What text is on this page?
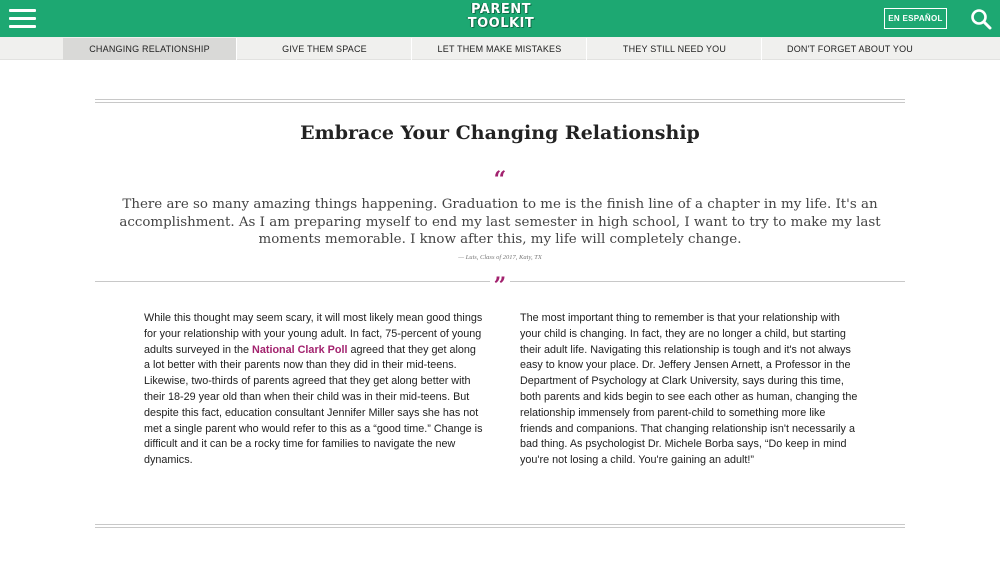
PARENT
TOOLKIT	EN ESPAÑOL
CHANGING RELATIONSHIP	GIVE THEM SPACE	LET THEM MAKE MISTAKES	THEY STILL NEED YOU	DON'T FORGET ABOUT YOU
Embrace Your Changing Relationship
“

There are so many amazing things happening. Graduation to me is the finish line of a chapter in my life. It's an accomplishment. As I am preparing myself to end my last semester in high school, I want to try to make my last moments memorable. I know after this, my life will completely change.

— Luis, Class of 2017, Katy, TX

”
While this thought may seem scary, it will most likely mean good things for your relationship with your young adult. In fact, 75-percent of young adults surveyed in the National Clark Poll agreed that they get along a lot better with their parents now than they did in their mid-teens. Likewise, two-thirds of parents agreed that they get along better with their 18-29 year old than when their child was in their mid-teens. But despite this fact, education consultant Jennifer Miller says she has not met a single parent who would refer to this as a “good time.” Change is difficult and it can be a rocky time for families to navigate the new dynamics.
The most important thing to remember is that your relationship with your child is changing. In fact, they are no longer a child, but starting their adult life. Navigating this relationship is tough and it's not always easy to know your place. Dr. Jeffery Jensen Arnett, a Professor in the Department of Psychology at Clark University, says during this time, both parents and kids begin to see each other as human, changing the relationship immensely from parent-child to something more like friends and companions. That changing relationship isn't necessarily a bad thing. As psychologist Dr. Michele Borba says, “Do keep in mind you're not losing a child. You're gaining an adult!”
